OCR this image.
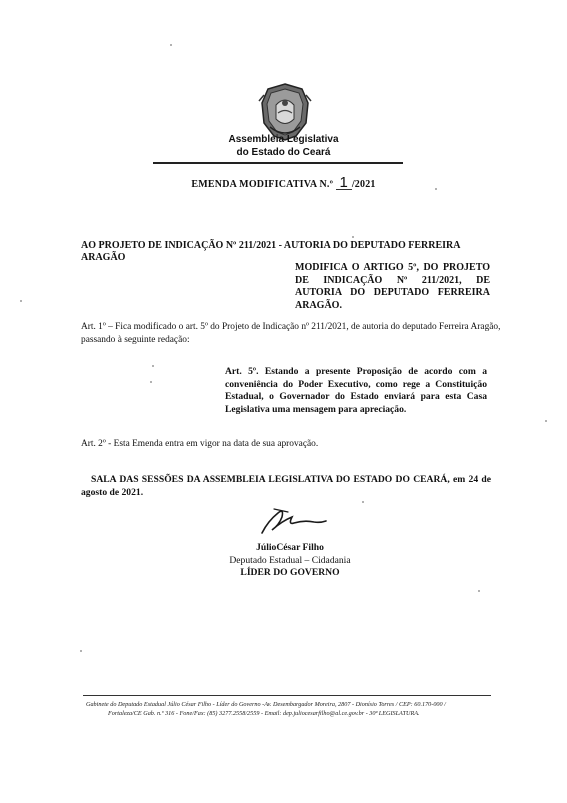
Assembleia Legislativa
do Estado do Ceará
EMENDA MODIFICATIVA N.º 1 /2021
AO PROJETO DE INDICAÇÃO Nº 211/2021 - AUTORIA DO DEPUTADO FERREIRA
ARAGÃO
MODIFICA O ARTIGO 5º, DO PROJETO DE INDICAÇÃO Nº 211/2021, DE AUTORIA DO DEPUTADO FERREIRA ARAGÃO.
Art. 1º – Fica modificado o art. 5º do Projeto de Indicação nº 211/2021, de autoria do deputado Ferreira Aragão, passando à seguinte redação:
Art. 5º. Estando a presente Proposição de acordo com a conveniência do Poder Executivo, como rege a Constituição Estadual, o Governador do Estado enviará para esta Casa Legislativa uma mensagem para apreciação.
Art. 2º - Esta Emenda entra em vigor na data de sua aprovação.
SALA DAS SESSÕES DA ASSEMBLEIA LEGISLATIVA DO ESTADO DO CEARÁ, em 24 de agosto de 2021.
JúlioCésar Filho
Deputado Estadual – Cidadania
LÍDER DO GOVERNO
Gabinete do Deputado Estadual Júlio César Filho - Líder do Governo -Av. Desembargador Moreira, 2807 - Dionísio Torres / CEP: 60.170-000 /
Fortaleza/CE Gab. n.º 316 - Fone/Fax: (85) 3277.2558/2559 - Email: dep.juliocesarfilho@al.ce.gov.br - 30ª LEGISLATURA.
